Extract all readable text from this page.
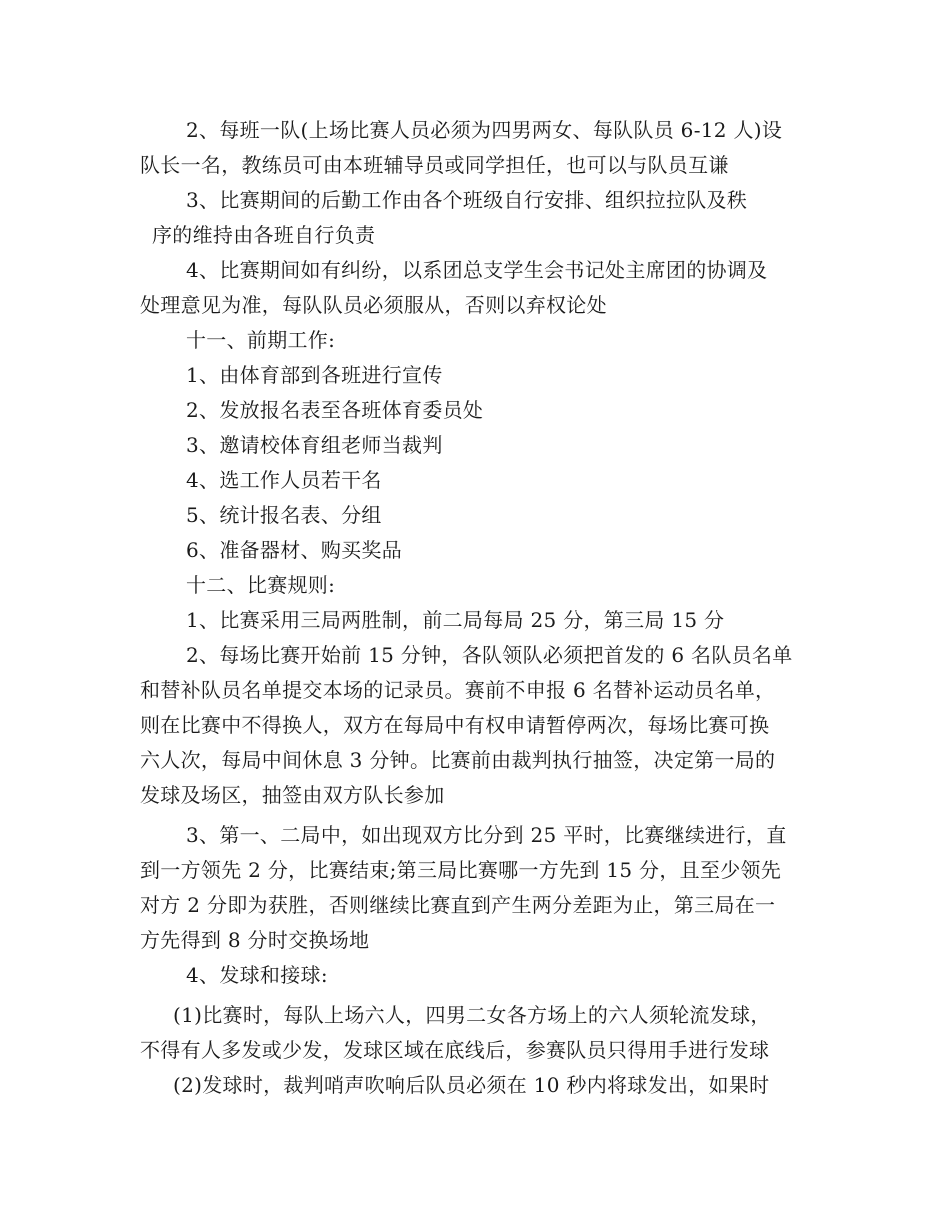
2、每班一队(上场比赛人员必须为四男两女、每队队员 6-12 人)设
队长一名，教练员可由本班辅导员或同学担任，也可以与队员互谦
3、比赛期间的后勤工作由各个班级自行安排、组织拉拉队及秩
序的维持由各班自行负责
4、比赛期间如有纠纷，以系团总支学生会书记处主席团的协调及
处理意见为准，每队队员必须服从，否则以弃权论处
十一、前期工作:
1、由体育部到各班进行宣传
2、发放报名表至各班体育委员处
3、邀请校体育组老师当裁判
4、选工作人员若干名
5、统计报名表、分组
6、准备器材、购买奖品
十二、比赛规则:
1、比赛采用三局两胜制，前二局每局 25 分，第三局 15 分
2、每场比赛开始前 15 分钟，各队领队必须把首发的 6 名队员名单
和替补队员名单提交本场的记录员。赛前不申报 6 名替补运动员名单，
则在比赛中不得换人，双方在每局中有权申请暂停两次，每场比赛可换
六人次，每局中间休息 3 分钟。比赛前由裁判执行抽签，决定第一局的
发球及场区，抽签由双方队长参加
3、第一、二局中，如出现双方比分到 25 平时，比赛继续进行，直
到一方领先 2 分，比赛结束;第三局比赛哪一方先到 15 分，且至少领先
对方 2 分即为获胜，否则继续比赛直到产生两分差距为止，第三局在一
方先得到 8 分时交换场地
4、发球和接球:
(1)比赛时，每队上场六人，四男二女各方场上的六人须轮流发球，
不得有人多发或少发，发球区域在底线后，参赛队员只得用手进行发球
(2)发球时，裁判哨声吹响后队员必须在 10 秒内将球发出，如果时
